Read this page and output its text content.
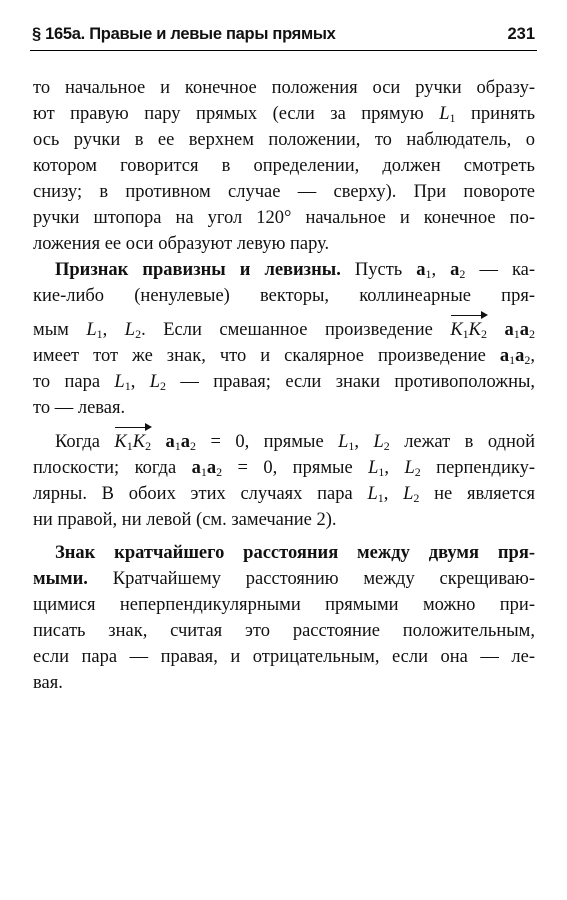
§ 165а. Правые и левые пары прямых	231
то начальное и конечное положения оси ручки образу-
ют правую пару прямых (если за прямую $L_1$ принять
ось ручки в ее верхнем положении, то наблюдатель, о
котором говорится в определении, должен смотреть
снизу; в противном случае — сверху). При повороте
ручки штопора на угол 120° начальное и конечное по-
ложения ее оси образуют левую пару.
Признак правизны и левизны. Пусть $a_1$, $a_2$ — ка-
кие-либо (ненулевые) векторы, коллинеарные пря-
мым $L_1$, $L_2$. Если смешанное произведение $K_1K_2$ $a_1a_2$
имеет тот же знак, что и скалярное произведение $a_1a_2$,
то пара $L_1$, $L_2$ — правая; если знаки противоположны,
то — левая.
Когда $K_1K_2$ $a_1a_2 = 0$, прямые $L_1$, $L_2$ лежат в одной
плоскости; когда $a_1a_2 = 0$, прямые $L_1$, $L_2$ перпендику-
лярны. В обоих этих случаях пара $L_1$, $L_2$ не является
ни правой, ни левой (см. замечание 2).
Знак кратчайшего расстояния между двумя пря-
мыми. Кратчайшему расстоянию между скрещиваю-
щимися неперпендикулярными прямыми можно при-
писать знак, считая это расстояние положительным,
если пара — правая, и отрицательным, если она — ле-
вая.
